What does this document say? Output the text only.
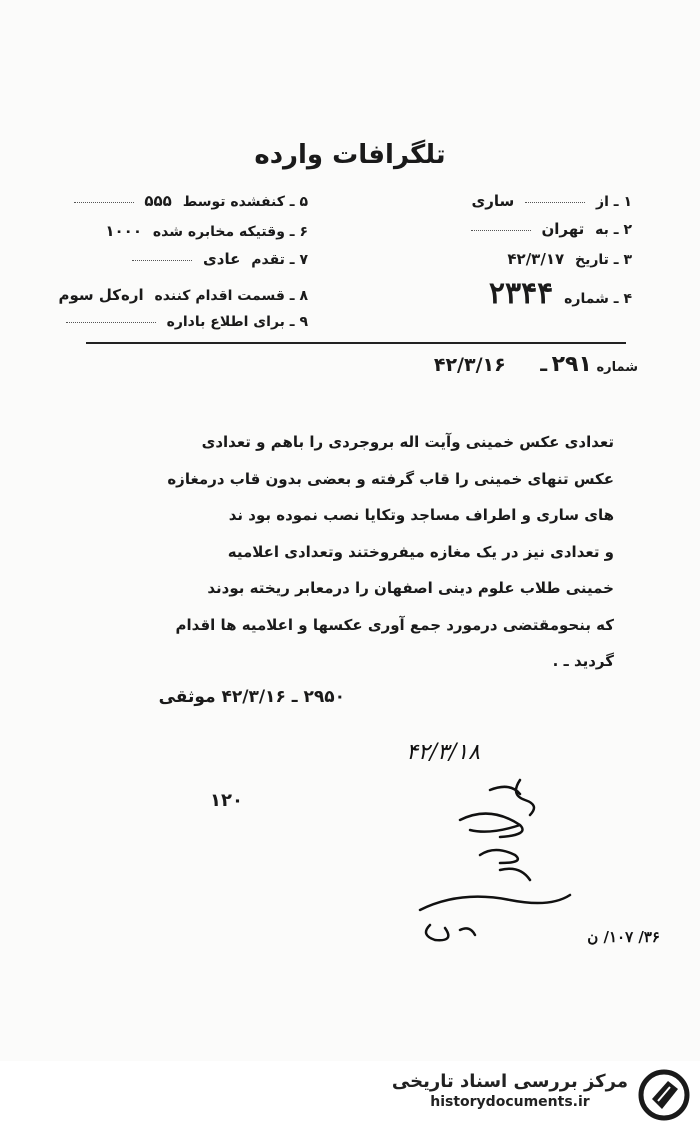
تلگرافات وارده
۱ ـ از  ساری
۲ ـ به تهران
۳ ـ تاریخ ۴۲/۳/۱۷
۴ ـ شماره ۲۳۴۴
۵ ـ کنفشده توسط ۵۵۵
۶ ـ وقتیکه مخابره شده ۱۰۰۰
۷ ـ تقدم عادی
۸ ـ قسمت اقدام کننده اره‌کل سوم
۹ ـ برای اطلاع باداره
شماره ۲۹۱ ـ ۴۲/۳/۱۶
تعدادی عکس خمینی وآیت اله بروجردی را باهم و تعدادی
عکس تنهای خمینی را قاب گرفته و بعضی بدون قاب درمغازه
های ساری و اطراف مساجد وتکایا نصب نموده بود ند
و تعدادی نیز در یک مغازه میفروختند وتعدادی اعلامیه
خمینی طلاب علوم دینی اصفهان را درمعابر ریخته بودند
که بنحومقتضی درمورد جمع آوری عکسها و اعلامیه ها اقدام
گردید ـ .
۲۹۵۰ ـ ۴۲/۳/۱۶ موثقی
۴۲/۳/۱۸
۱۲۰
۳۶/ ۱۰۷/ ن
مرکز بررسی اسناد تاریخی
historydocuments.ir
